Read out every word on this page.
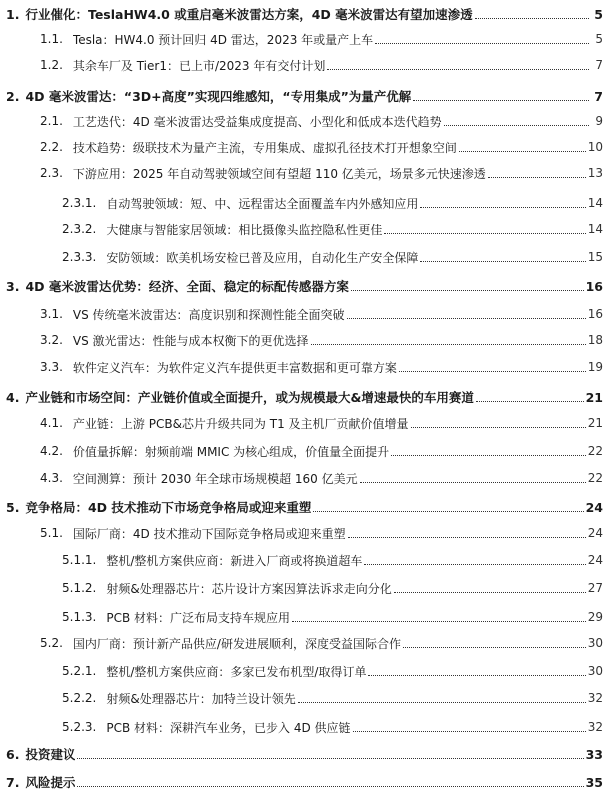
1. 行业催化：TeslaHW4.0 或重启毫米波雷达方案，4D 毫米波雷达有望加速渗透	5
1.1. Tesla：HW4.0 预计回归 4D 雷达，2023 年或量产上车	5
1.2. 其余车厂及 Tier1：已上市/2023 年有交付计划	7
2. 4D 毫米波雷达：“3D+高度”实现四维感知，“专用集成”为量产优解	7
2.1. 工艺迭代：4D 毫米波雷达受益集成度提高、小型化和低成本迭代趋势	9
2.2. 技术趋势：级联技术为量产主流，专用集成、虚拟孔径技术打开想象空间	10
2.3. 下游应用：2025 年自动驾驶领域空间有望超 110 亿美元，场景多元快速渗透	13
2.3.1. 自动驾驶领域：短、中、远程雷达全面覆盖车内外感知应用	14
2.3.2. 大健康与智能家居领域：相比摄像头监控隐私性更佳	14
2.3.3. 安防领域：欧美机场安检已普及应用，自动化生产安全保障	15
3. 4D 毫米波雷达优势：经济、全面、稳定的标配传感器方案	16
3.1. VS 传统毫米波雷达：高度识别和探测性能全面突破	16
3.2. VS 激光雷达：性能与成本权衡下的更优选择	18
3.3. 软件定义汽车：为软件定义汽车提供更丰富数据和更可靠方案	19
4. 产业链和市场空间：产业链价值或全面提升，或为规模最大&增速最快的车用赛道	21
4.1. 产业链：上游 PCB&芯片升级共同为 T1 及主机厂贡献价值增量	21
4.2. 价值量拆解：射频前端 MMIC 为核心组成，价值量全面提升	22
4.3. 空间测算：预计 2030 年全球市场规模超 160 亿美元	22
5. 竞争格局：4D 技术推动下市场竞争格局或迎来重塑	24
5.1. 国际厂商：4D 技术推动下国际竞争格局或迎来重塑	24
5.1.1. 整机/整机方案供应商：新进入厂商或将换道超车	24
5.1.2. 射频&处理器芯片：芯片设计方案因算法诉求走向分化	27
5.1.3. PCB 材料：广泛布局支持车规应用	29
5.2. 国内厂商：预计新产品供应/研发进展顺利，深度受益国际合作	30
5.2.1. 整机/整机方案供应商：多家已发布机型/取得订单	30
5.2.2. 射频&处理器芯片：加特兰设计领先	32
5.2.3. PCB 材料：深耕汽车业务，已步入 4D 供应链	32
6. 投资建议	33
7. 风险提示	35
